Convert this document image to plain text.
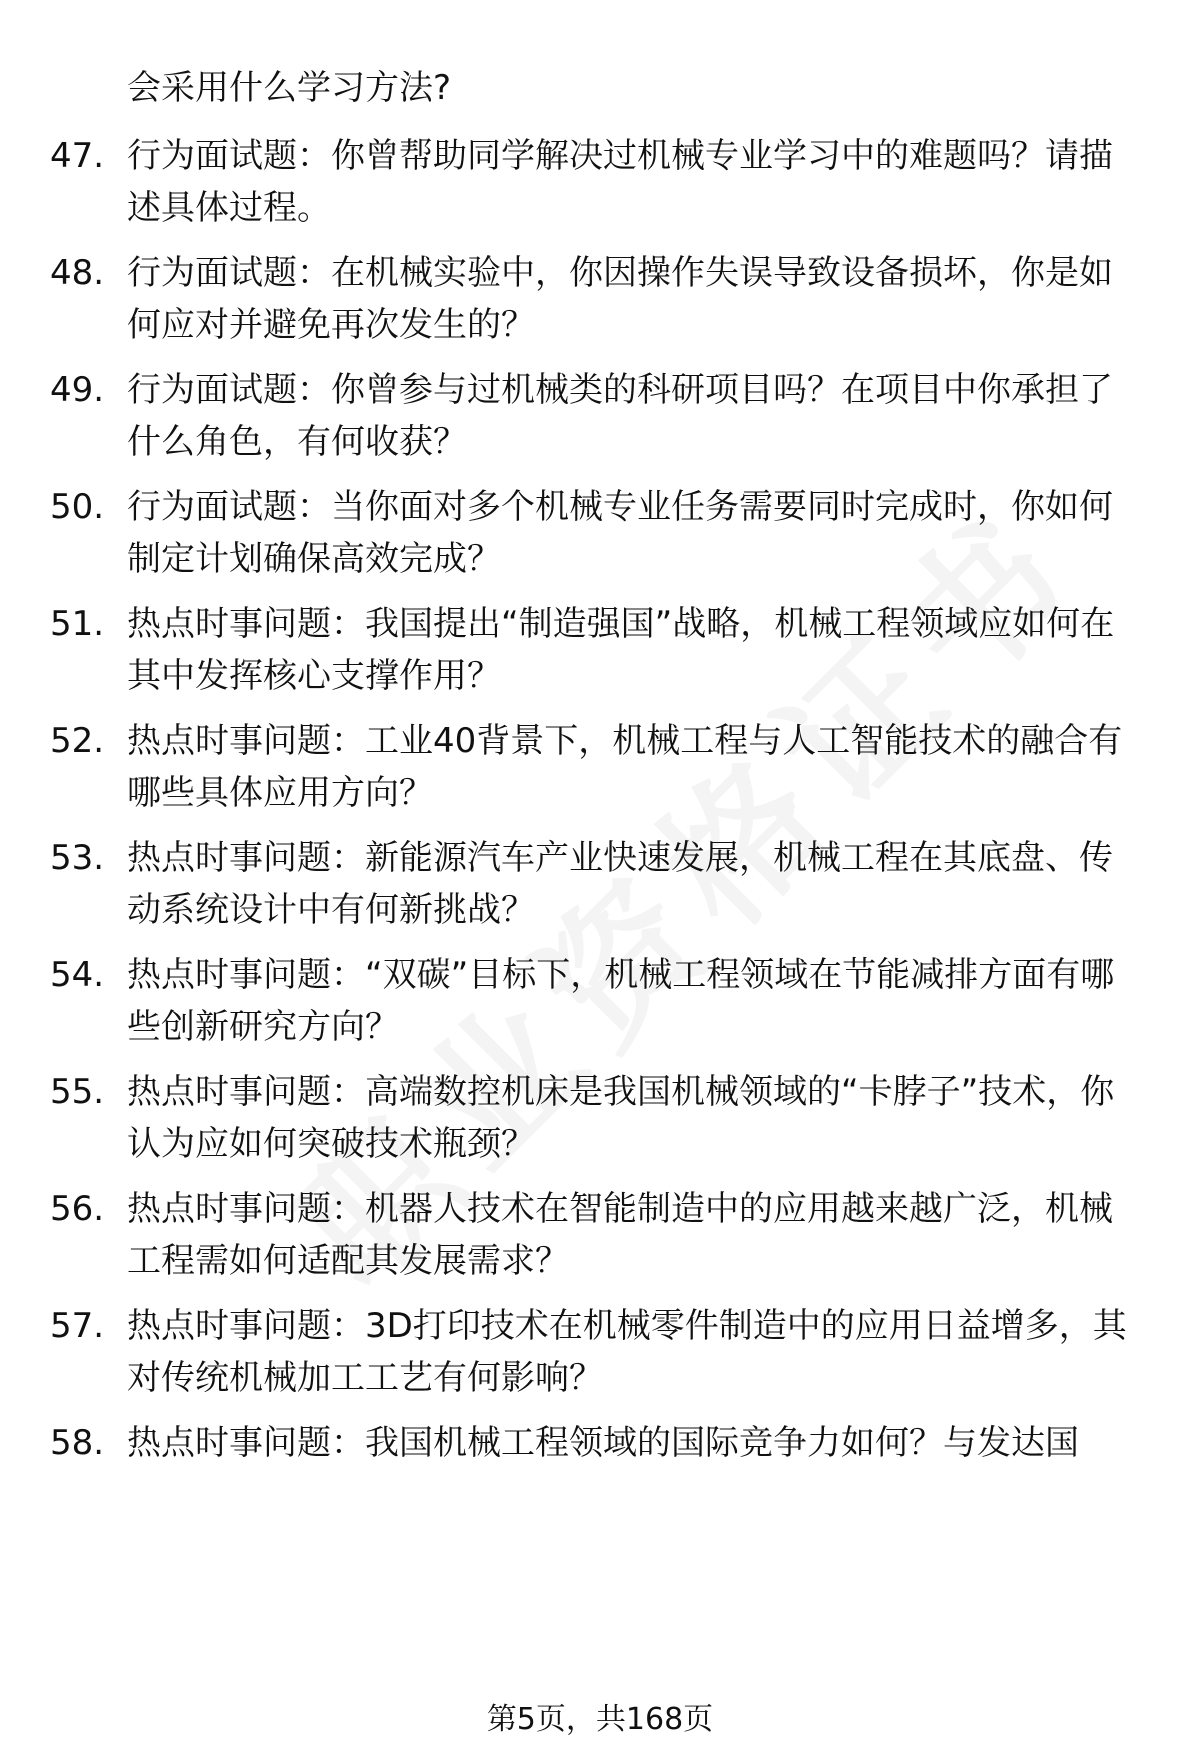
会采用什么学习方法?
47. 行为面试题：你曾帮助同学解决过机械专业学习中的难题吗？请描述具体过程。
48. 行为面试题：在机械实验中，你因操作失误导致设备损坏，你是如何应对并避免再次发生的？
49. 行为面试题：你曾参与过机械类的科研项目吗？在项目中你承担了什么角色，有何收获？
50. 行为面试题：当你面对多个机械专业任务需要同时完成时，你如何制定计划确保高效完成？
51. 热点时事问题：我国提出“制造强国”战略，机械工程领域应如何在其中发挥核心支撑作用？
52. 热点时事问题：工业40背景下，机械工程与人工智能技术的融合有哪些具体应用方向？
53. 热点时事问题：新能源汽车产业快速发展，机械工程在其底盘、传动系统设计中有何新挑战？
54. 热点时事问题：“双碳”目标下，机械工程领域在节能减排方面有哪些创新研究方向？
55. 热点时事问题：高端数控机床是我国机械领域的“卡脖子”技术，你认为应如何突破技术瓶颈？
56. 热点时事问题：机器人技术在智能制造中的应用越来越广泛，机械工程需如何适配其发展需求？
57. 热点时事问题：3D打印技术在机械零件制造中的应用日益增多，其对传统机械加工工艺有何影响？
58. 热点时事问题：我国机械工程领域的国际竞争力如何？与发达国
第5页，共168页
